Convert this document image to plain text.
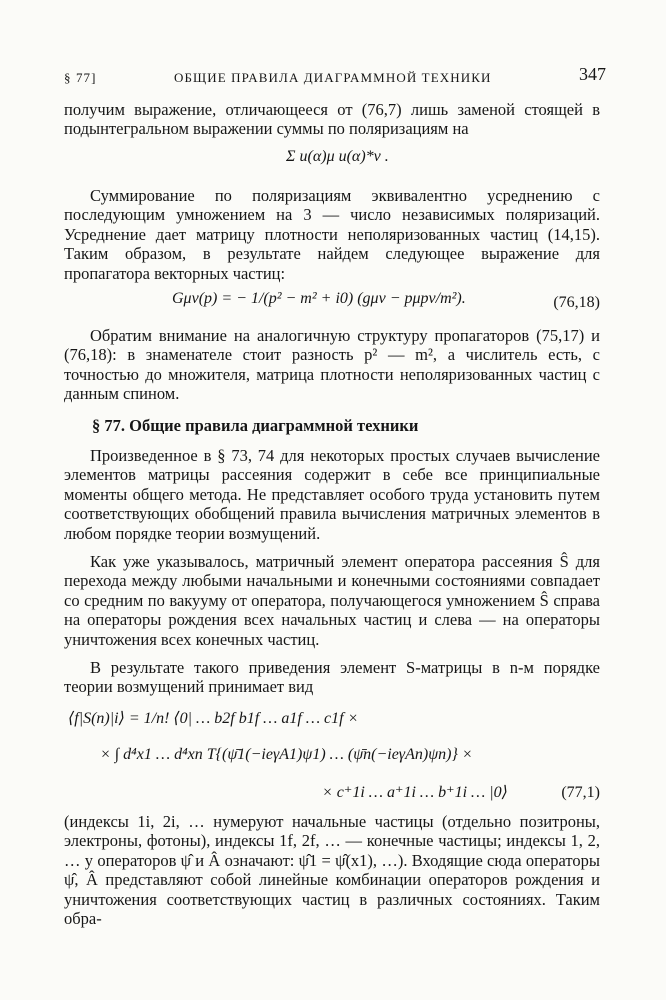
§ 77]	ОБЩИЕ ПРАВИЛА ДИАГРАММНОЙ ТЕХНИКИ	347
получим выражение, отличающееся от (76,7) лишь заменой стоящей в подынтегральном выражении суммы по поляризациям на
Σ u(α)μ u(α)*ν .
Суммирование по поляризациям эквивалентно усреднению с последующим умножением на 3 — число независимых поляризаций. Усреднение дает матрицу плотности неполяризованных частиц (14,15). Таким образом, в результате найдем следующее выражение для пропагатора векторных частиц:
Gμν(p) = − 1/(p² − m² + i0) (gμν − pμpν/m²).	(76,18)
Обратим внимание на аналогичную структуру пропагаторов (75,17) и (76,18): в знаменателе стоит разность p² — m², а числитель есть, с точностью до множителя, матрица плотности неполяризованных частиц с данным спином.
§ 77. Общие правила диаграммной техники
Произведенное в § 73, 74 для некоторых простых случаев вычисление элементов матрицы рассеяния содержит в себе все принципиальные моменты общего метода. Не представляет особого труда установить путем соответствующих обобщений правила вычисления матричных элементов в любом порядке теории возмущений.
Как уже указывалось, матричный элемент оператора рассеяния Ŝ для перехода между любыми начальными и конечными состояниями совпадает со средним по вакууму от оператора, получающегося умножением Ŝ справа на операторы рождения всех начальных частиц и слева — на операторы уничтожения всех конечных частиц.
В результате такого приведения элемент S-матрицы в n-м порядке теории возмущений принимает вид
⟨f|S(n)|i⟩ = 1/n! ⟨0| … b2f b1f … a1f … c1f ×
× ∫ d⁴x1 … d⁴xn T{(ψ̄1(−iеγA1)ψ1) … (ψ̄n(−iеγAn)ψn)} ×
× c⁺1i … a⁺1i … b⁺1i … |0⟩	(77,1)
(индексы 1i, 2i, … нумеруют начальные частицы (отдельно позитроны, электроны, фотоны), индексы 1f, 2f, … — конечные частицы; индексы 1, 2, … у операторов ψ̂ и Â означают: ψ̂1 = ψ̂(x1), …). Входящие сюда операторы ψ̂, Â представляют собой линейные комбинации операторов рождения и уничтожения соответствующих частиц в различных состояниях. Таким обра-
